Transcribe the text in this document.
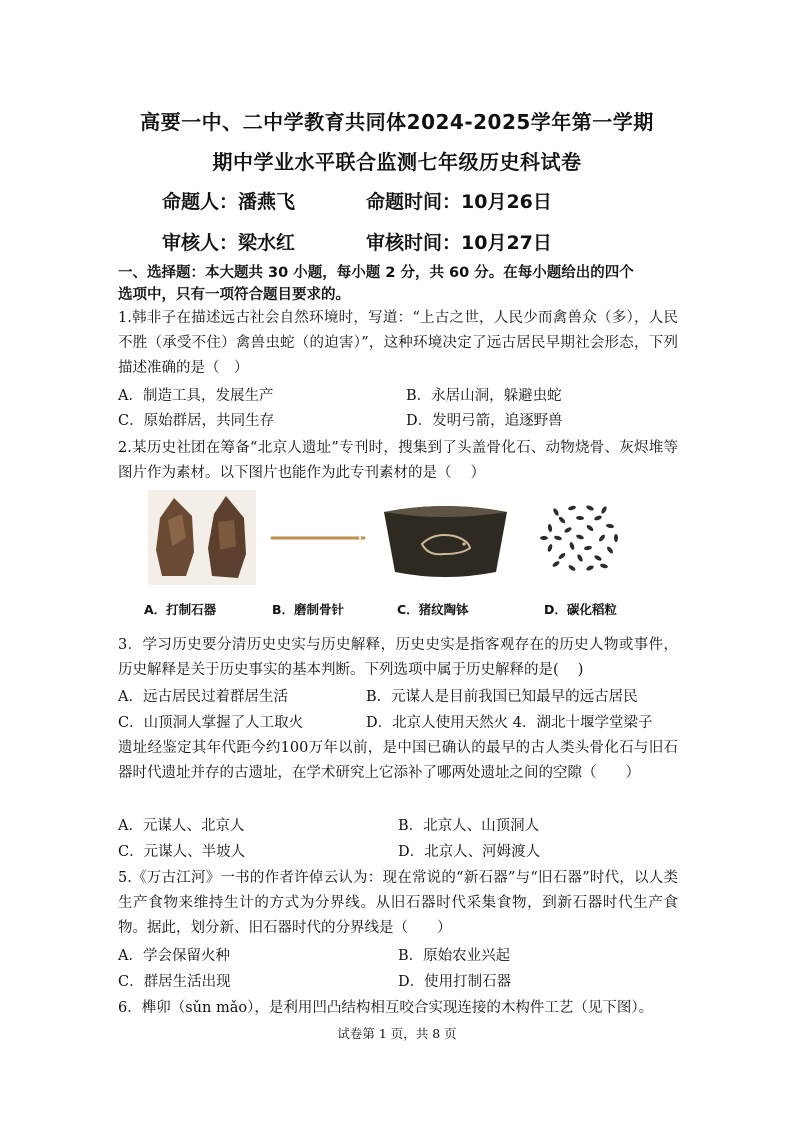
高要一中、二中学教育共同体2024-2025学年第一学期
期中学业水平联合监测七年级历史科试卷
命题人：潘燕飞	命题时间：10月26日
审核人：梁水红	审核时间：10月27日
一、选择题：本大题共 30 小题，每小题 2 分，共 60 分。在每小题给出的四个
选项中，只有一项符合题目要求的。
1.韩非子在描述远古社会自然环境时，写道：“上古之世，人民少而禽兽众（多），人民不胜（承受不住）禽兽虫蛇（的迫害）”，这种环境决定了远古居民早期社会形态，下列描述准确的是（　）
A．制造工具，发展生产	B．永居山洞，躲避虫蛇
C．原始群居，共同生存	D．发明弓箭，追逐野兽
2.某历史社团在筹备“北京人遗址”专刊时，搜集到了头盖骨化石、动物烧骨、灰烬堆等图片作为素材。以下图片也能作为此专刊素材的是（　 ）
A．打制石器	B．磨制骨针	C．猪纹陶钵	D．碳化稻粒
3．学习历史要分清历史史实与历史解释，历史史实是指客观存在的历史人物或事件，历史解释是关于历史事实的基本判断。下列选项中属于历史解释的是(　 )
A．远古居民过着群居生活	B．元谋人是目前我国已知最早的远古居民
C．山顶洞人掌握了人工取火	D．北京人使用天然火 4．湖北十堰学堂梁子
遗址经鉴定其年代距今约100万年以前，是中国已确认的最早的古人类头骨化石与旧石器时代遗址并存的古遗址，在学术研究上它添补了哪两处遗址之间的空隙（　　）
A．元谋人、北京人	B．北京人、山顶洞人
C．元谋人、半坡人	D．北京人、河姆渡人
5.《万古江河》一书的作者许倬云认为：现在常说的“新石器”与“旧石器”时代，以人类生产食物来维持生计的方式为分界线。从旧石器时代采集食物，到新石器时代生产食物。据此，划分新、旧石器时代的分界线是（　　）
A．学会保留火种	B．原始农业兴起
C．群居生活出现	D．使用打制石器
6．榫卯（sǔn mǎo），是利用凹凸结构相互咬合实现连接的木构件工艺（见下图）。
试卷第 1 页，共 8 页
